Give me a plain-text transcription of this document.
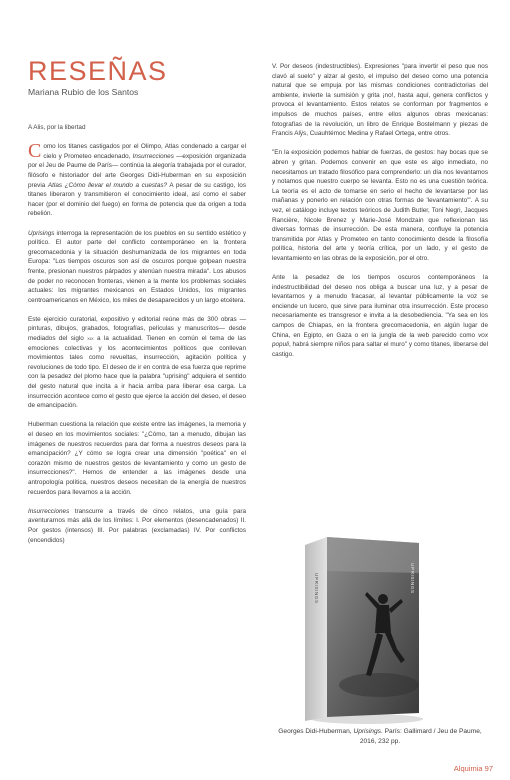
RESEÑAS
Mariana Rubio de los Santos

A Alis, por la libertad

Como los titanes castigados por el Olimpo, Atlas condenado a cargar el cielo y Prometeo encadenado, Insurrecciones —exposición organizada por el Jeu de Paume de París— continúa la alegoría trabajada por el curador, filósofo e historiador del arte Georges Didi-Huberman en su exposición previa Atlas ¿Cómo llevar el mundo a cuestas? A pesar de su castigo, los titanes liberaron y transmitieron el conocimiento ideal, así como el saber hacer (por el dominio del fuego) en forma de potencia que da origen a toda rebelión.

Uprisings interroga la representación de los pueblos en su sentido estético y político. El autor parte del conflicto contemporáneo en la frontera grecomacedonia y la situación deshumanizada de los migrantes en toda Europa: "Los tiempos oscuros son así de oscuros porque golpean nuestra frente, presionan nuestros párpados y atenúan nuestra mirada". Los abusos de poder no reconocen fronteras, vienen a la mente los problemas sociales actuales: los migrantes mexicanos en Estados Unidos, los migrantes centroamericanos en México, los miles de desaparecidos y un largo etcétera.

Este ejercicio curatorial, expositivo y editorial reúne más de 300 obras —pinturas, dibujos, grabados, fotografías, películas y manuscritos— desde mediados del siglo xix a la actualidad. Tienen en común el tema de las emociones colectivas y los acontecimientos políticos que conllevan movimientos tales como revueltas, insurrección, agitación política y revoluciones de todo tipo. El deseo de ir en contra de esa fuerza que reprime con la pesadez del plomo hace que la palabra "uprising" adquiera el sentido del gesto natural que incita a ir hacia arriba para liberar esa carga. La insurrección acontece como el gesto que ejerce la acción del deseo, el deseo de emancipación.

Huberman cuestiona la relación que existe entre las imágenes, la memoria y el deseo en los movimientos sociales: "¿Cómo, tan a menudo, dibujan las imágenes de nuestros recuerdos para dar forma a nuestros deseos para la emancipación? ¿Y cómo se logra crear una dimensión "poética" en el corazón mismo de nuestros gestos de levantamiento y como un gesto de insurrecciones?". Hemos de entender a las imágenes desde una antropología política, nuestros deseos necesitan de la energía de nuestros recuerdos para llevarnos a la acción.

Insurrecciones transcurre a través de cinco relatos, una guía para aventurarnos más allá de los límites: I. Por elementos (desencadenados) II. Por gestos (intensos) III. Por palabras (exclamadas) IV. Por conflictos (encendidos)

V. Por deseos (indestructibles). Expresiones "para invertir el peso que nos clavó al suelo" y alzar al gesto, el impulso del deseo como una potencia natural que se empuja por las mismas condiciones contradictorias del ambiente, invierte la sumisión y grita ¡no!, hasta aquí, genera conflictos y provoca el levantamiento. Estos relatos se conforman por fragmentos e impulsos de muchos países, entre ellos algunos obras mexicanas: fotografías de la revolución, un libro de Enrique Bostelmann y piezas de Francis Alÿs, Cuauhtémoc Medina y Rafael Ortega, entre otros.

"En la exposición podemos hablar de fuerzas, de gestos: hay bocas que se abren y gritan. Podemos convenir en que este es algo inmediato, no necesitamos un tratado filosófico para comprenderlo: un día nos levantamos y notamos que nuestro cuerpo se levanta. Esto no es una cuestión teórica. La teoría es el acto de tomarse en serio el hecho de levantarse por las mañanas y ponerlo en relación con otras formas de 'levantamiento'". A su vez, el catálogo incluye textos teóricos de Judith Butler, Toni Negri, Jacques Rancière, Nicole Brenez y Marie-José Mondzain que reflexionan las diversas formas de insurrección. De esta manera, confluye la potencia transmitida por Atlas y Prometeo en tanto conocimiento desde la filosofía política, historia del arte y teoría crítica, por un lado, y el gesto de levantamiento en las obras de la exposición, por el otro.

Ante la pesadez de los tiempos oscuros contemporáneos la indestructibilidad del deseo nos obliga a buscar una luz, y a pesar de levantarnos y a menudo fracasar, al levantar públicamente la voz se enciende un lucero, que sirve para iluminar otra insurrección. Este proceso necesariamente es transgresor e invita a la desobediencia. "Ya sea en los campos de Chiapas, en la frontera grecomacedonia, en algún lugar de China, en Egipto, en Gaza o en la jungla de la web parecido como vox populi, habrá siempre niños para saltar el muro" y como titanes, liberarse del castigo.

UPRISINGS	UPRISINGS
Georges Didi-Huberman, Uprisings. París: Gallimard / Jeu de Paume, 2016, 232 pp.
Alquimia 97
